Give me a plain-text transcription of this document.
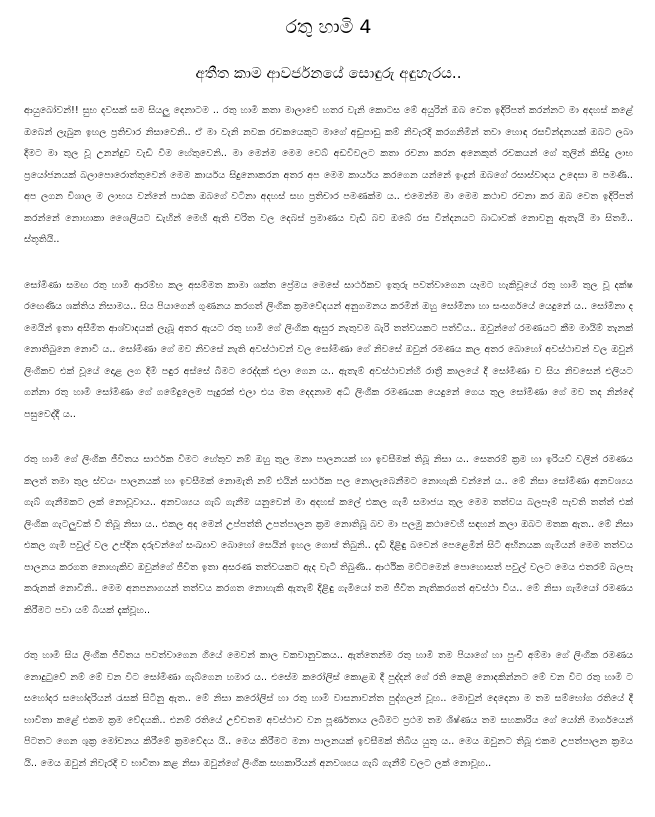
රතු හාමි 4
අතීත කාම ආවර්ජනයේ සොඳුරු අඳුහැරය..

ආයුබෝවන්!! සුභ දවසක් සම සියලු දෙනාටම .. රතු හාමි කතා මාලාවේ හතර වැනි කොටස මේ අයුරින් ඔබ වෙත ඉදිරිපත් කරන්නට මා අදහස් කළේ ඔබෙන් ලැබුන ඉහල ප්‍රතිචාර නිසාවෙනි.. ඒ මා වැනි නවක රචකයෙකුට මාගේ අඩුපාඩු කම් නිවැරදි කරගනිමින් තවා හොඳ රසවින්දනයක් ඔබට ලබා දීමට මා තුල වූ උනන්දුව වැඩි වීම හේතුවෙනි.. මා මෙන්ම මෙම වෙබ් අඩවිවලට කතා රචනා කරන අනෙකුත් රචකයන් ගේ තුලින් කිසිදු ලාභ ප්‍රයෝජනයක් බලාපොරොත්තුවෙන් මෙම කාර්යය සිදුනොකරන අතර අප මෙම කාර්යය කරගෙන යන්නේ ඉංද්‍රන් ඔබගේ රසාස්වාදය උදෙසා ම පමණි.. අප ලගන විශාල ම ලාභය වන්නේ පාඨක ඔබගේ වටිනා අදහස් සහ ප්‍රතිචාර පමණක්ම ය.. එමෙන්ම මා මෙම කථාව රචනා කර ඔබ වෙත ඉදිරිපත් කරන්නේ නොහාකා ශෛලියට ඩැහින් මෙහි ඇති චරිත වල දෙබස් ප්‍රමාණය වැඩි බව ඔබේ රස වින්දනයට බාධාවක් නොවනු ඇතැයි මා සිතමි.. ස්තූතියි..

සෝමිණා සමඟ රතු හාමි ආරම්භ කල අසම්මත කාමා ශක්ත ප්‍රේමය මෙසේ සාර්ථකව ඉතුරු පවත්වාගෙන යෑමට හැකිවූයේ රතු හාමි තුල වූ දක්ෂ රඟෙණිය ශක්තිය නිසාමය.. සිය පියාගෙන් ගුණනය කරගත් ලිංගික ක්‍රමවේදයන් අනුගමනය කරමින් ඔහු සෝමිනා හා සංසර්ගයේ යෙදුනේ ය.. සෝමිනා ද මෙයින් ඉතා අසීමිත ආශ්වාදයක් ලැබූ අතර ඇයට රතු හාමි ගේ ලිංගික ඇසුර නැතුවම බැරි තත්වයකට පත්විය.. ඔවුන්ගේ රමණයට කීම මායිම් තැනක් නොතිබුනෙ නොවී ය.. සෝමිණා ගේ මව නිවසේ නැති අවස්ථාවන් වල සෝමිණා ගේ නිවසේ ඔවුන් රමණය කල අතර බොහෝ අවස්ථාවන් වල ඔවුන් ලිංගිකව එක් වූයේ දොළ ලග දිමි පඳුර අස්සේ බීමට රෙද්දක් එලා ගෙන ය.. ඇතැම් අවස්ථාවන්හි රාත්‍රී කාලයේ දී සෝමිණා ව සිය නිවසෙන් එලියට ගන්නා රතු හාමි සෝමිණා ගේ ගමේදුලෙම පැදුරක් එලා එය මත දෙදනාම අධි ලිංගික රමණයක යෙදුනේ ගෙය තුල සෝමිණා ගේ මව තද නින්දේ පසුවෙද්දී ය..

රතු හාමි ගේ ලිංගික ජීවිතය සාර්ථක වීමට හේතුව නම් ඔහු තුල මනා පාලනයක් හා ඉවසීමක් තිබූ නිසා ය.. සෙතරම් ක්‍රම හා ඉරියව් වලින් රමණය කලත් තමා තුල ස්වයං පාලනයක් හා ඉවසීමක් නොමැති නම් එයින් සාර්ථක පල නොලැබෙනීමට නොහැකි වන්නේ ය.. මේ නිසා සෝමිණා අනවශ්‍යය ගැබ් ගැනීමකට ලක් නොවූවාය.. අනවශ්‍යය ගැබ් ගැනීම යනුවෙන් මා අදහස් කලේ එකල ගැමි සමාජය තුල මෙම තත්වය බලපෑම් පැවති තත්ත් එක් ලිංගික ගැටලුවක් වී තිබූ නිසා ය.. එකල අද මෙන් උප්පත්ති උපත්පාලන ක්‍රම නොතිබූ බව මා පලමු කථාවෙහි සඳහන් කලා ඔබට මතක ඇත.. මේ නිසා එකල ගැමි පවුල් වල උප්දින දරුවන්ගේ සංඛ්‍යාව බොහෝ සෙයින් ඉහල ගොස් තිබුනි.. දැඩි දිළිඳු බවෙන් පෙළෙමින් සිටි අභිනයක ගැමියන් මෙම තත්වය පාලනය කරගත නොහැකිව ඔවුන්ගේ ජීවිත ඉතා අසරණ තත්වයකට ඇද වැටී තිබුණි.. ආර්ථික මට්ටමෙන් පොහොසත් පවුල් වලට මෙය එතරම් බලපෑ කරුනක් නොවිනි.. මෙම අනපනාගයන් තත්වය කරගත නොහැකි ඇතැම් දිළිඳු ගැමියෝ තම ජීවිත නැතිකරගත් අවස්ථා වීය.. මේ නිසා ගැමියෝ රමණය කිරීමට පවා යම් බියක් දැක්වූහ..

රතු හාමි සිය ලිංගික ජීවිතය පවත්වාගෙන ගියේ මෙවන් කාල වකවානුවකය.. ඇත්තෙන්ම රතු හාමි තම පියාගේ හා පුංචි අම්මා ගේ ලිංගික රමණය නොදුටුවේ නම් මේ වන විට සෝමිණා ගැබ්ගෙන හමාර ය.. එසේම කරෝලිස් කොළඹ දී පුද්දන් ගේ රති කෙළි නොදකින්නට මේ වන විට රතු හාමි ට සහෝදර සහෝදරියන් රැසක් සිටිනු ඇත.. මේ නිසා කරෝලිස් හා රතු හාමි වාසනාවන්ත පුද්ගලන් වූහ.. මොවුන් දෙදෙනා ම තම සම්භෝග රතියේ දී භාවිතා කළේ එකම ක්‍රම වේදයකි.. එනම් රතියේ උච්චතම අවස්ථාව වන පූර්ණතාය ලබීමට ප්‍රථම තම ශිෂ්ණය තම සහකාරිය ගේ යෝනි මාර්ගයෙන් පිටතට ගෙන ශුක්‍ර මෝචනය කිරීමේ ක්‍රමවේදය යි.. මෙය කිරීමට මනා පාලනයක් ඉවසීමක් තිබිය යුතු ය.. මෙය ඔවුනට තිබූ එකම උපත්පාලන ක්‍රමය යි.. මෙය ඔවුන් නිවැරදි ව භාවිතා කළ නිසා ඔවුන්ගේ ලිංගික සහකාරියන් අනවශ්‍යය ගැබ් ගැනීම් වලට ලක් නොවූහ..
